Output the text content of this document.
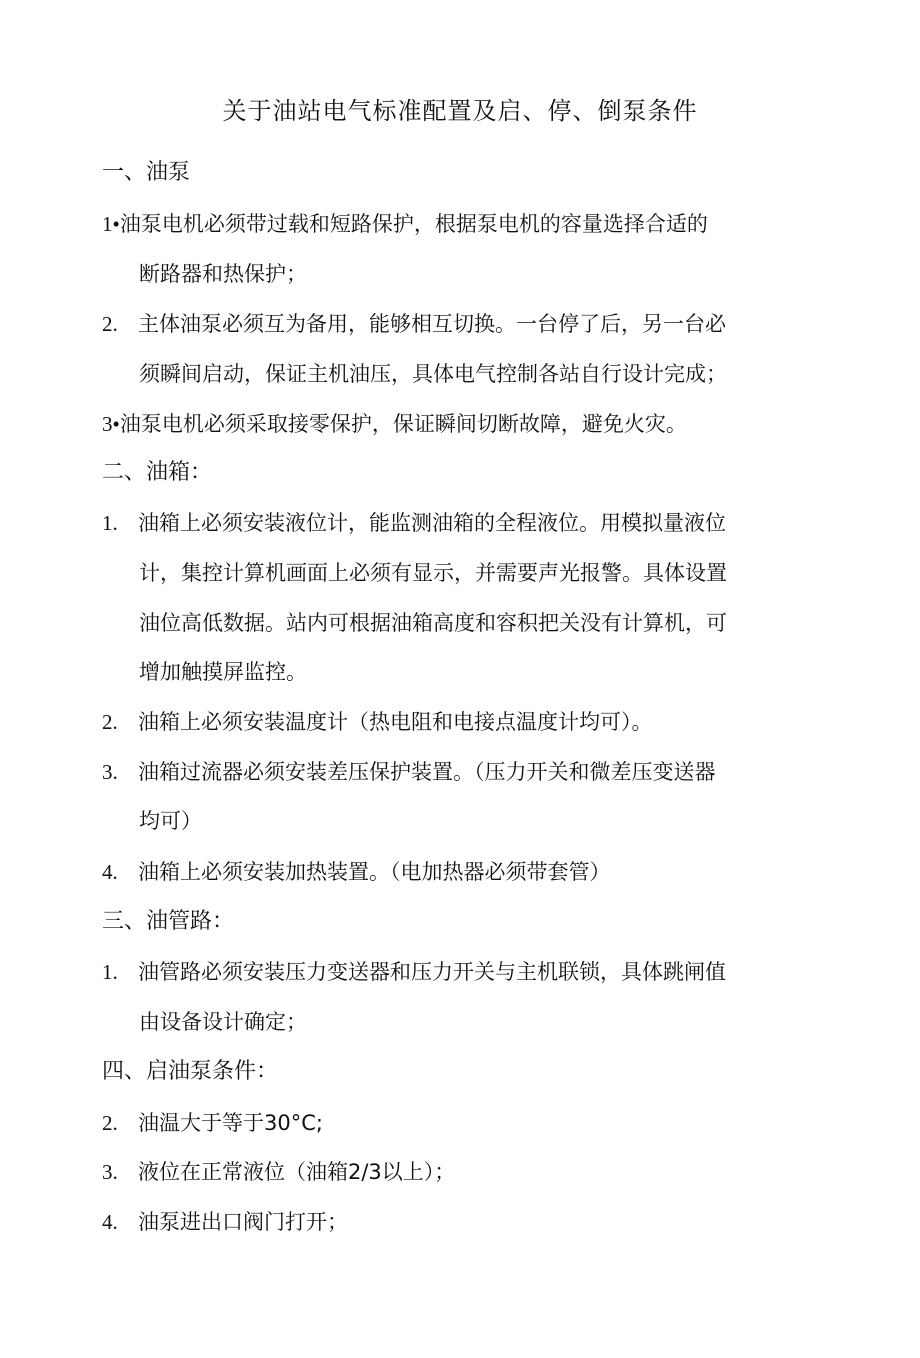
关于油站电气标准配置及启、停、倒泵条件
一、油泵
1•油泵电机必须带过载和短路保护，根据泵电机的容量选择合适的
断路器和热保护；
2. 主体油泵必须互为备用，能够相互切换。一台停了后，另一台必
须瞬间启动，保证主机油压，具体电气控制各站自行设计完成；
3•油泵电机必须采取接零保护，保证瞬间切断故障，避免火灾。
二、油箱：
1. 油箱上必须安装液位计，能监测油箱的全程液位。用模拟量液位
计，集控计算机画面上必须有显示，并需要声光报警。具体设置
油位高低数据。站内可根据油箱高度和容积把关没有计算机，可
增加触摸屏监控。
2. 油箱上必须安装温度计（热电阻和电接点温度计均可）。
3. 油箱过流器必须安装差压保护装置。（压力开关和微差压变送器
均可）
4. 油箱上必须安装加热装置。（电加热器必须带套管）
三、油管路：
1. 油管路必须安装压力变送器和压力开关与主机联锁，具体跳闸值
由设备设计确定；
四、启油泵条件：
2. 油温大于等于30°C;
3. 液位在正常液位（油箱2/3以上）；
4. 油泵进出口阀门打开；
